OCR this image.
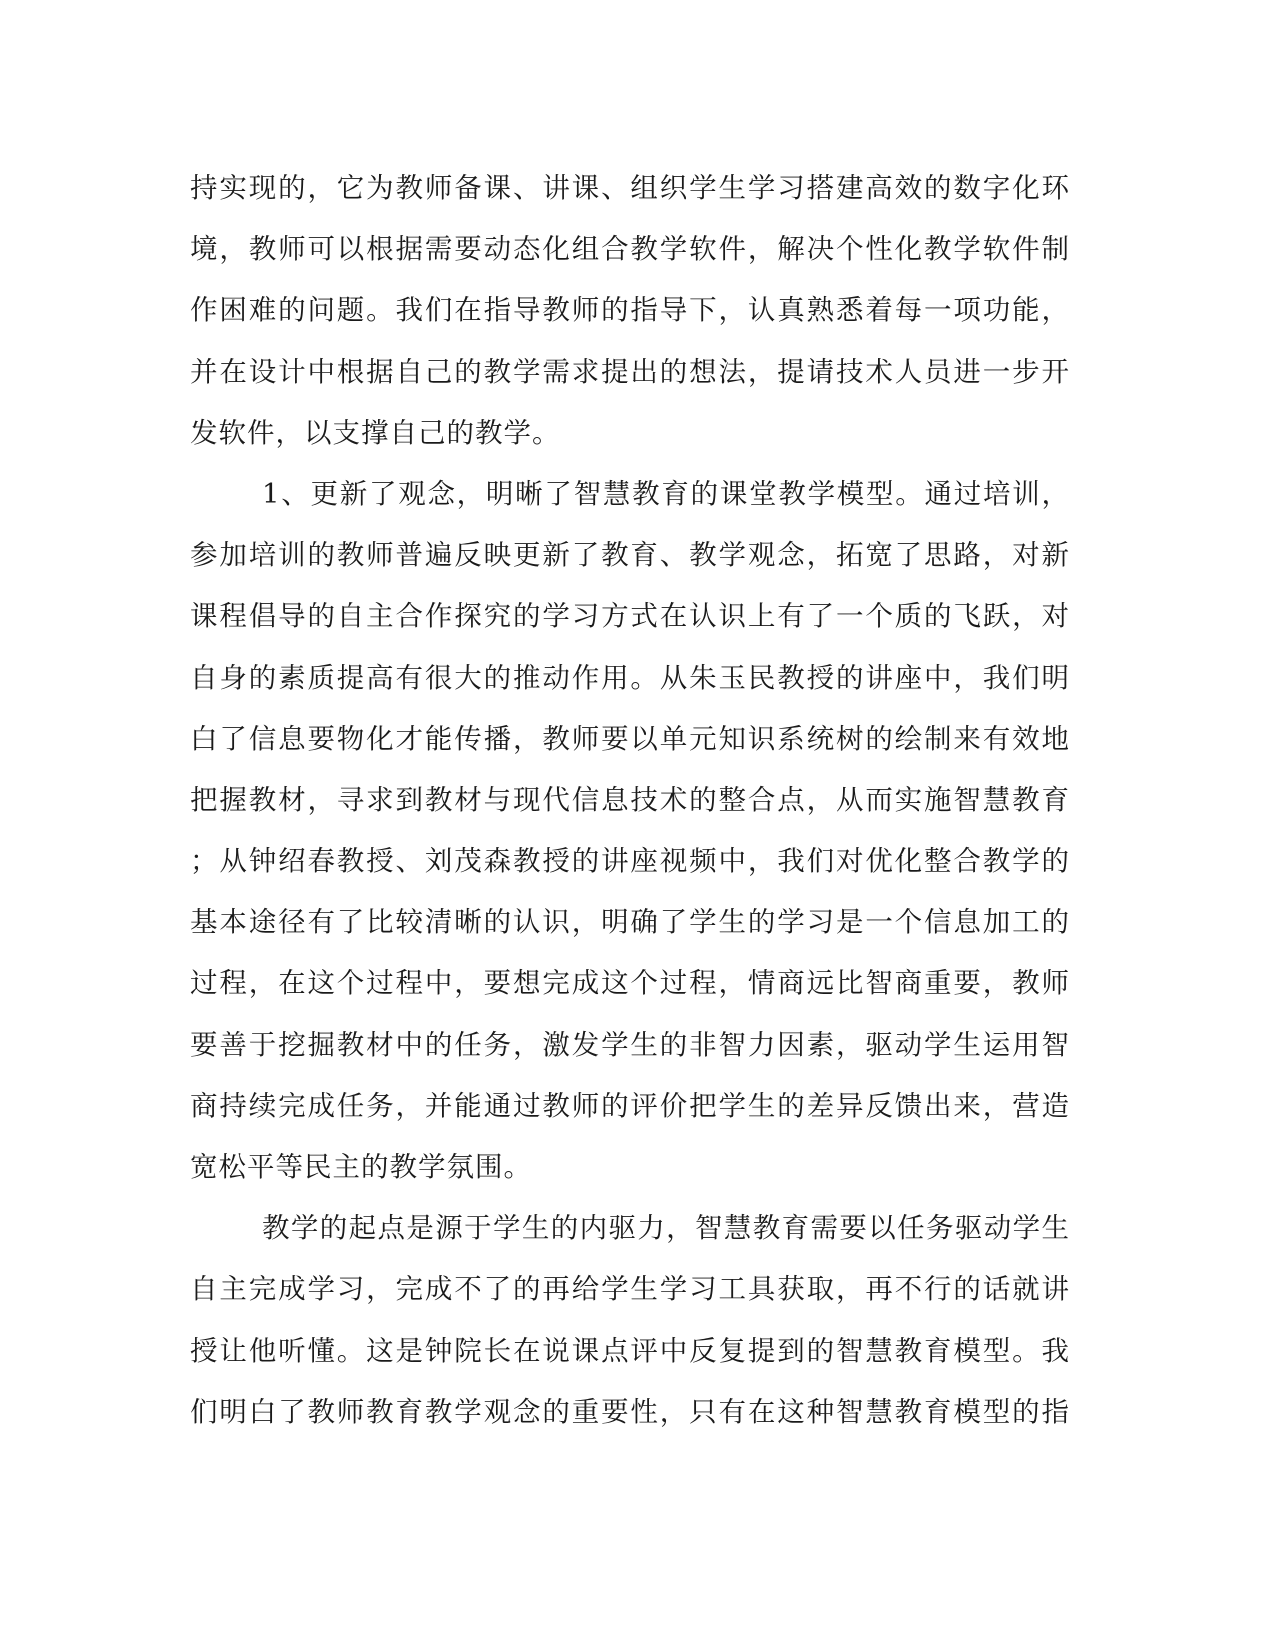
持实现的，它为教师备课、讲课、组织学生学习搭建高效的数字化环
境，教师可以根据需要动态化组合教学软件，解决个性化教学软件制
作困难的问题。我们在指导教师的指导下，认真熟悉着每一项功能，
并在设计中根据自己的教学需求提出的想法，提请技术人员进一步开
发软件，以支撑自己的教学。
1、更新了观念，明晰了智慧教育的课堂教学模型。通过培训，
参加培训的教师普遍反映更新了教育、教学观念，拓宽了思路，对新
课程倡导的自主合作探究的学习方式在认识上有了一个质的飞跃，对
自身的素质提高有很大的推动作用。从朱玉民教授的讲座中，我们明
白了信息要物化才能传播，教师要以单元知识系统树的绘制来有效地
把握教材，寻求到教材与现代信息技术的整合点，从而实施智慧教育
；从钟绍春教授、刘茂森教授的讲座视频中，我们对优化整合教学的
基本途径有了比较清晰的认识，明确了学生的学习是一个信息加工的
过程，在这个过程中，要想完成这个过程，情商远比智商重要，教师
要善于挖掘教材中的任务，激发学生的非智力因素，驱动学生运用智
商持续完成任务，并能通过教师的评价把学生的差异反馈出来，营造
宽松平等民主的教学氛围。
教学的起点是源于学生的内驱力，智慧教育需要以任务驱动学生
自主完成学习，完成不了的再给学生学习工具获取，再不行的话就讲
授让他听懂。这是钟院长在说课点评中反复提到的智慧教育模型。我
们明白了教师教育教学观念的重要性，只有在这种智慧教育模型的指
